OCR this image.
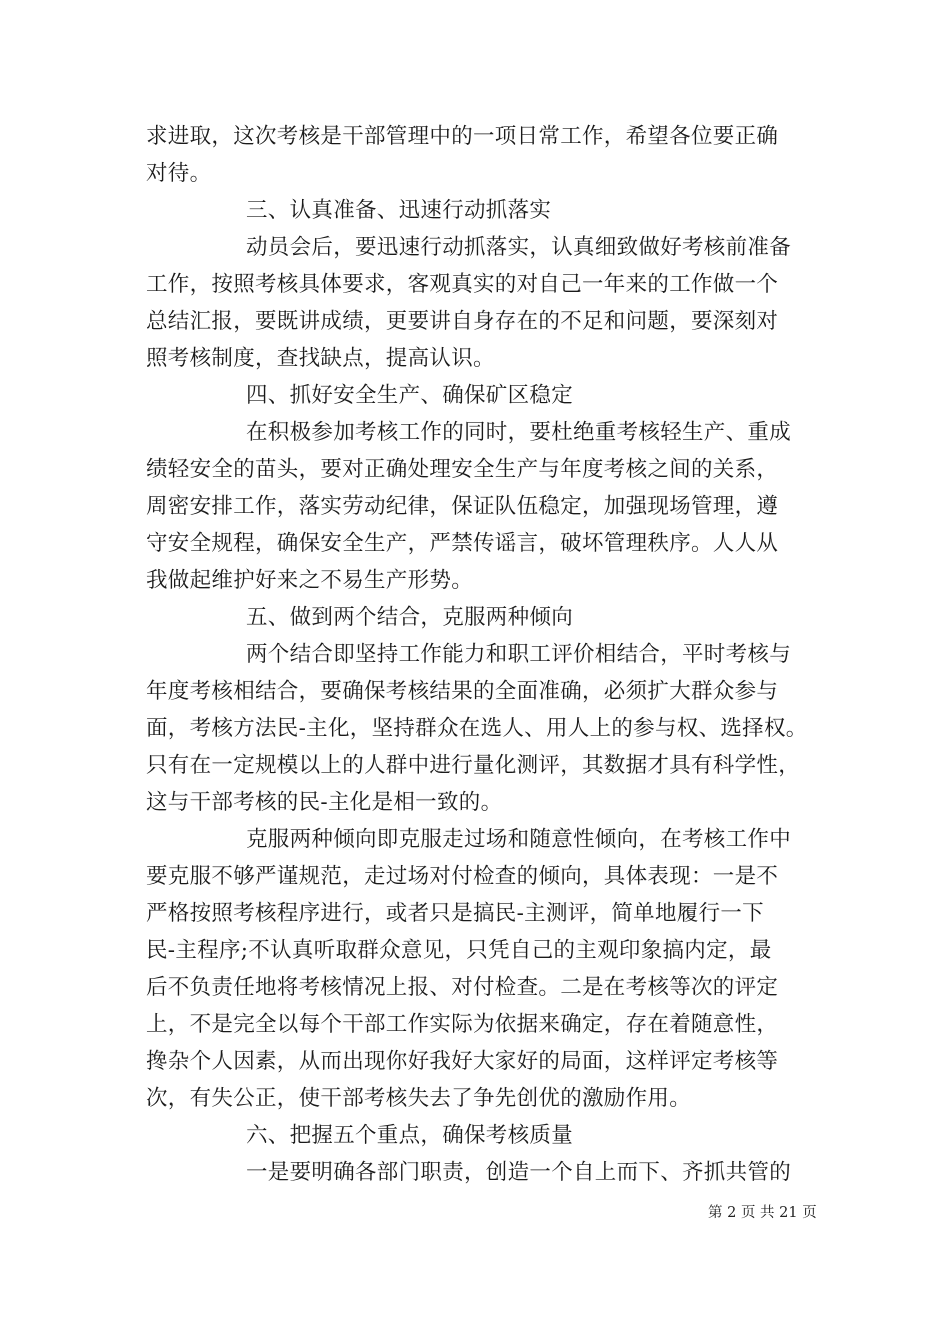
求进取，这次考核是干部管理中的一项日常工作，希望各位要正确
对待。
三、认真准备、迅速行动抓落实
动员会后，要迅速行动抓落实，认真细致做好考核前准备
工作，按照考核具体要求，客观真实的对自己一年来的工作做一个
总结汇报，要既讲成绩，更要讲自身存在的不足和问题，要深刻对
照考核制度，查找缺点，提高认识。
四、抓好安全生产、确保矿区稳定
在积极参加考核工作的同时，要杜绝重考核轻生产、重成
绩轻安全的苗头，要对正确处理安全生产与年度考核之间的关系，
周密安排工作，落实劳动纪律，保证队伍稳定，加强现场管理，遵
守安全规程，确保安全生产，严禁传谣言，破坏管理秩序。人人从
我做起维护好来之不易生产形势。
五、做到两个结合，克服两种倾向
两个结合即坚持工作能力和职工评价相结合，平时考核与
年度考核相结合，要确保考核结果的全面准确，必须扩大群众参与
面，考核方法民-主化，坚持群众在选人、用人上的参与权、选择权。
只有在一定规模以上的人群中进行量化测评，其数据才具有科学性，
这与干部考核的民-主化是相一致的。
克服两种倾向即克服走过场和随意性倾向，在考核工作中
要克服不够严谨规范，走过场对付检查的倾向，具体表现：一是不
严格按照考核程序进行，或者只是搞民-主测评，简单地履行一下
民-主程序;不认真听取群众意见，只凭自己的主观印象搞内定，最
后不负责任地将考核情况上报、对付检查。二是在考核等次的评定
上，不是完全以每个干部工作实际为依据来确定，存在着随意性，
搀杂个人因素，从而出现你好我好大家好的局面，这样评定考核等
次，有失公正，使干部考核失去了争先创优的激励作用。
六、把握五个重点，确保考核质量
一是要明确各部门职责，创造一个自上而下、齐抓共管的
第 2 页 共 21 页
